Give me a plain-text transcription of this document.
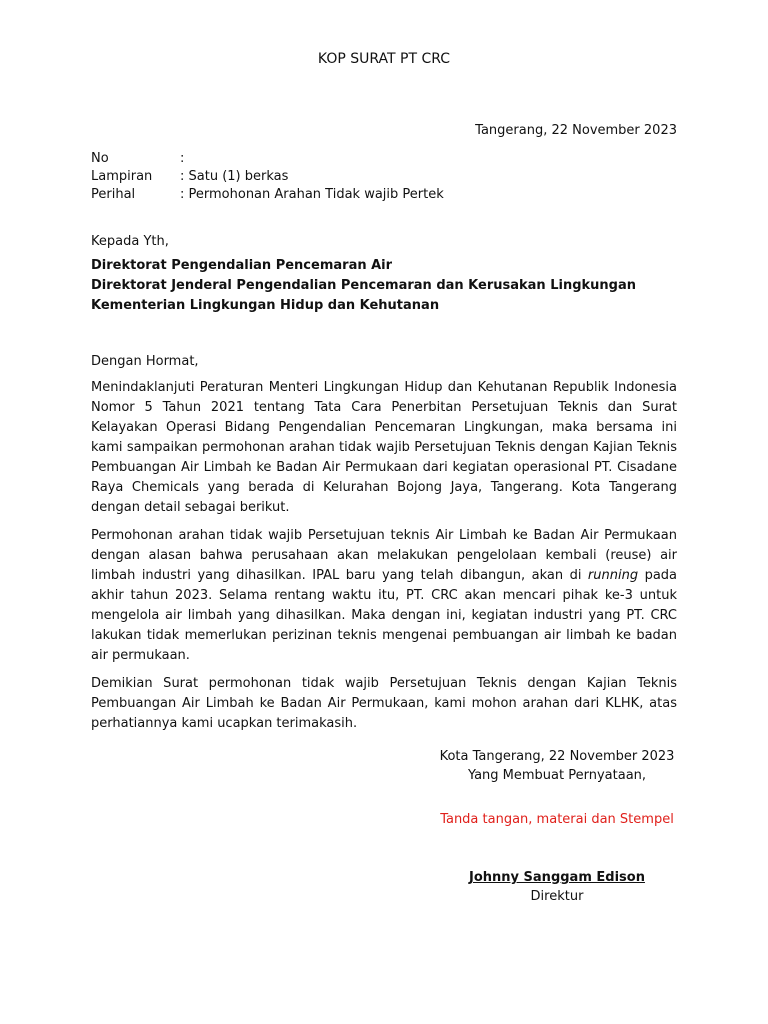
KOP SURAT PT CRC
Tangerang, 22 November 2023
No	:
Lampiran	: Satu (1) berkas
Perihal	: Permohonan Arahan Tidak wajib Pertek
Kepada Yth,
Direktorat Pengendalian Pencemaran Air
Direktorat Jenderal Pengendalian Pencemaran dan Kerusakan Lingkungan
Kementerian Lingkungan Hidup dan Kehutanan
Dengan Hormat,

Menindaklanjuti Peraturan Menteri Lingkungan Hidup dan Kehutanan Republik Indonesia Nomor 5 Tahun 2021 tentang Tata Cara Penerbitan Persetujuan Teknis dan Surat Kelayakan Operasi Bidang Pengendalian Pencemaran Lingkungan, maka bersama ini kami sampaikan permohonan arahan tidak wajib Persetujuan Teknis dengan Kajian Teknis Pembuangan Air Limbah ke Badan Air Permukaan dari kegiatan operasional PT. Cisadane Raya Chemicals yang berada di Kelurahan Bojong Jaya, Tangerang. Kota Tangerang dengan detail sebagai berikut.

Permohonan arahan tidak wajib Persetujuan teknis Air Limbah ke Badan Air Permukaan dengan alasan bahwa perusahaan akan melakukan pengelolaan kembali (reuse) air limbah industri yang dihasilkan. IPAL baru yang telah dibangun, akan di running pada akhir tahun 2023. Selama rentang waktu itu, PT. CRC akan mencari pihak ke-3 untuk mengelola air limbah yang dihasilkan. Maka dengan ini, kegiatan industri yang PT. CRC lakukan tidak memerlukan perizinan teknis mengenai pembuangan air limbah ke badan air permukaan.

Demikian Surat permohonan tidak wajib Persetujuan Teknis dengan Kajian Teknis Pembuangan Air Limbah ke Badan Air Permukaan, kami mohon arahan dari KLHK, atas perhatiannya kami ucapkan terimakasih.

Kota Tangerang, 22 November 2023
Yang Membuat Pernyataan,
Tanda tangan, materai dan Stempel
Johnny Sanggam Edison
Direktur
